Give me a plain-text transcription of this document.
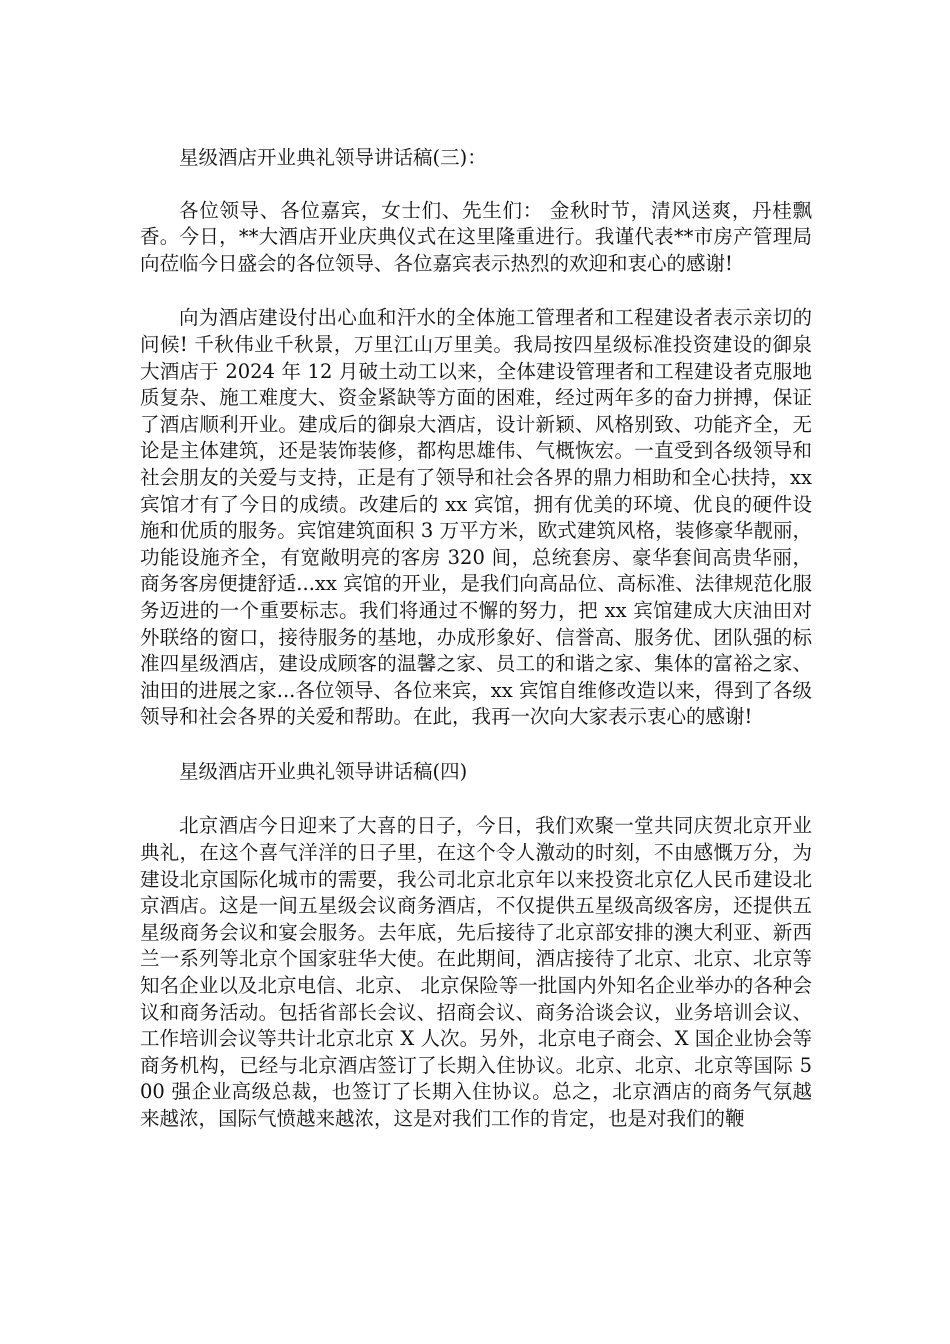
星级酒店开业典礼领导讲话稿(三)：

各位领导、各位嘉宾，女士们、先生们： 金秋时节，清风送爽，丹桂飘香。今日，**大酒店开业庆典仪式在这里隆重进行。我谨代表**市房产管理局向莅临今日盛会的各位领导、各位嘉宾表示热烈的欢迎和衷心的感谢!

向为酒店建设付出心血和汗水的全体施工管理者和工程建设者表示亲切的问候! 千秋伟业千秋景，万里江山万里美。我局按四星级标准投资建设的御泉大酒店于 2024 年 12 月破土动工以来，全体建设管理者和工程建设者克服地质复杂、施工难度大、资金紧缺等方面的困难，经过两年多的奋力拼搏，保证了酒店顺利开业。建成后的御泉大酒店，设计新颖、风格别致、功能齐全，无论是主体建筑，还是装饰装修，都构思雄伟、气概恢宏。一直受到各级领导和社会朋友的关爱与支持，正是有了领导和社会各界的鼎力相助和全心扶持，xx 宾馆才有了今日的成绩。改建后的 xx 宾馆，拥有优美的环境、优良的硬件设施和优质的服务。宾馆建筑面积 3 万平方米，欧式建筑风格，装修豪华靓丽，功能设施齐全，有宽敞明亮的客房 320 间，总统套房、豪华套间高贵华丽，商务客房便捷舒适...xx 宾馆的开业，是我们向高品位、高标准、法律规范化服务迈进的一个重要标志。我们将通过不懈的努力，把 xx 宾馆建成大庆油田对外联络的窗口，接待服务的基地，办成形象好、信誉高、服务优、团队强的标准四星级酒店，建设成顾客的温馨之家、员工的和谐之家、集体的富裕之家、油田的进展之家...各位领导、各位来宾，xx 宾馆自维修改造以来，得到了各级领导和社会各界的关爱和帮助。在此，我再一次向大家表示衷心的感谢!

星级酒店开业典礼领导讲话稿(四)

北京酒店今日迎来了大喜的日子，今日，我们欢聚一堂共同庆贺北京开业典礼，在这个喜气洋洋的日子里，在这个令人激动的时刻，不由感慨万分，为建设北京国际化城市的需要，我公司北京北京年以来投资北京亿人民币建设北京酒店。这是一间五星级会议商务酒店，不仅提供五星级高级客房，还提供五星级商务会议和宴会服务。去年底，先后接待了北京部安排的澳大利亚、新西兰一系列等北京个国家驻华大使。在此期间，酒店接待了北京、北京、北京等知名企业以及北京电信、北京、 北京保险等一批国内外知名企业举办的各种会议和商务活动。包括省部长会议、招商会议、商务洽谈会议，业务培训会议、工作培训会议等共计北京北京 X 人次。另外，北京电子商会、X 国企业协会等商务机构，已经与北京酒店签订了长期入住协议。北京、北京、北京等国际 500 强企业高级总裁，也签订了长期入住协议。总之，北京酒店的商务气氛越来越浓，国际气愤越来越浓，这是对我们工作的肯定，也是对我们的鞭
